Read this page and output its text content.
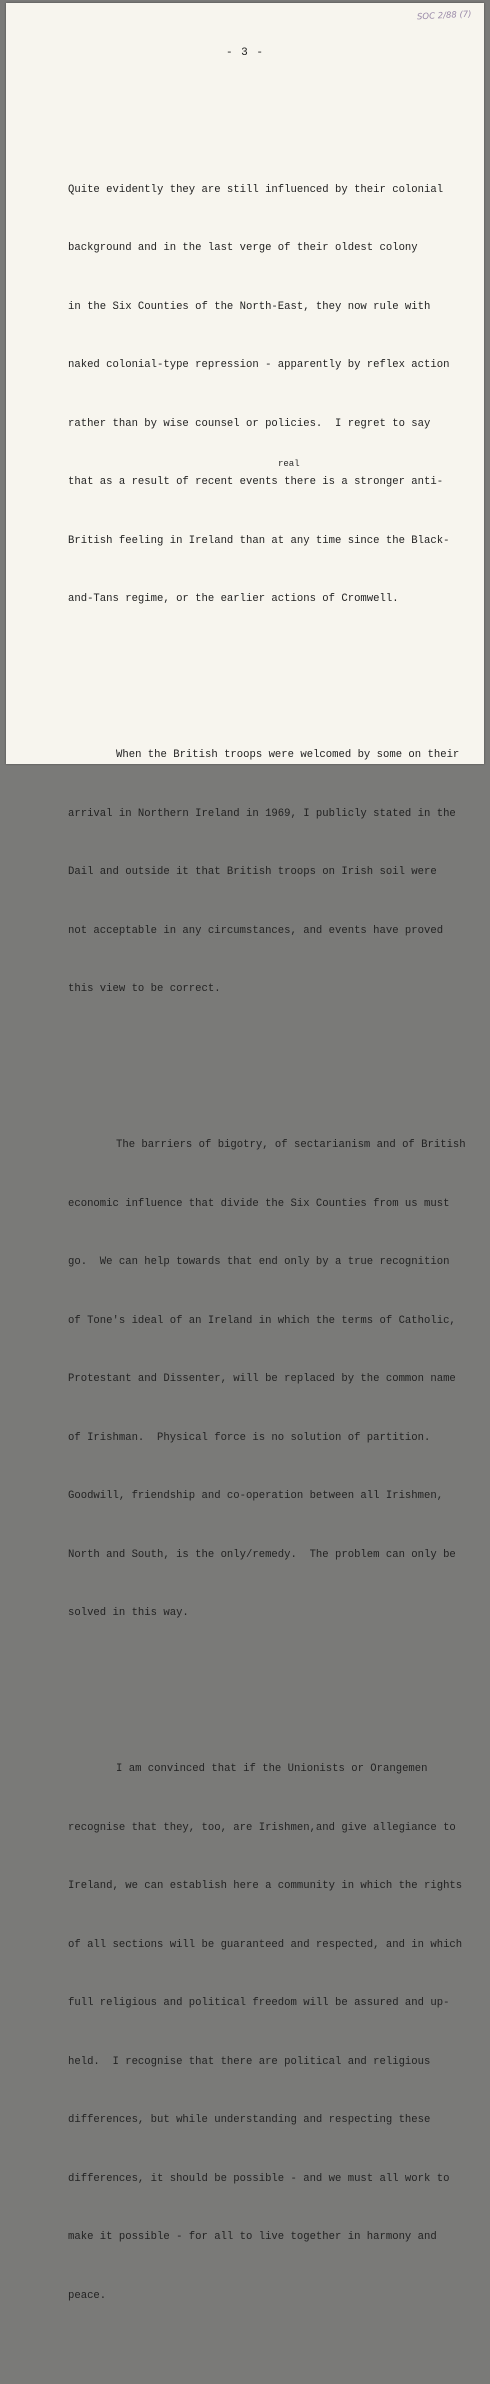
SOC 2/88 (7)
- 3 -

Quite evidently they are still influenced by their colonial

background and in the last verge of their oldest colony

in the Six Counties of the North-East, they now rule with

naked colonial-type repression - apparently by reflex action

rather than by wise counsel or policies.  I regret to say

that as a result of recent events there is a stronger anti-

British feeling in Ireland than at any time since the Black-

and-Tans regime, or the earlier actions of Cromwell.

When the British troops were welcomed by some on their

arrival in Northern Ireland in 1969, I publicly stated in the

Dail and outside it that British troops on Irish soil were

not acceptable in any circumstances, and events have proved

this view to be correct.

The barriers of bigotry, of sectarianism and of British

economic influence that divide the Six Counties from us must

go.  We can help towards that end only by a true recognition

of Tone's ideal of an Ireland in which the terms of Catholic,

Protestant and Dissenter, will be replaced by the common name

of Irishman.  Physical force is no solution of partition.

Goodwill, friendship and co-operation between all Irishmen,

North and South, is the only/remedy.  The problem can only be

solved in this way.

I am convinced that if the Unionists or Orangemen

recognise that they, too, are Irishmen,and give allegiance to

Ireland, we can establish here a community in which the rights

of all sections will be guaranteed and respected, and in which

full religious and political freedom will be assured and up-

held.  I recognise that there are political and religious

differences, but while understanding and respecting these

differences, it should be possible - and we must all work to

make it possible - for all to live together in harmony and

peace.

real
